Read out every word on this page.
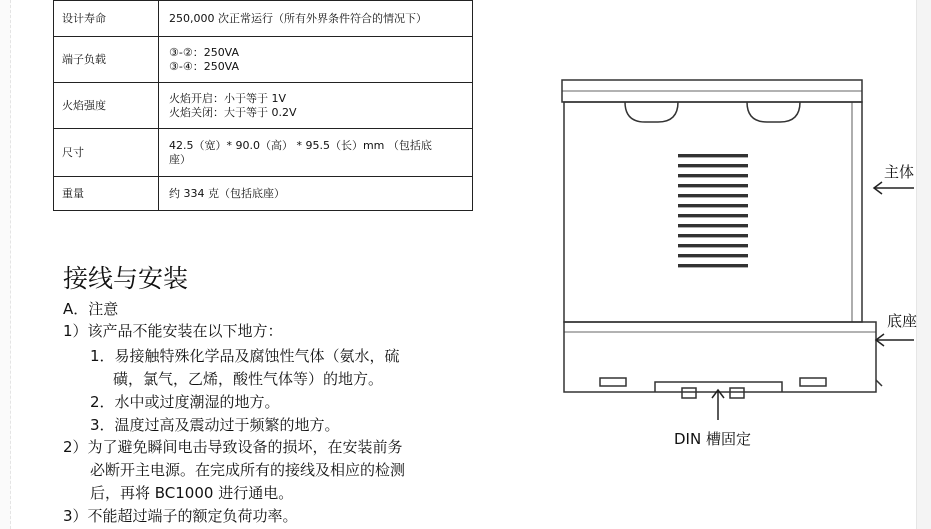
设计寿命	250,000 次正常运行（所有外界条件符合的情况下）

端子负载	③-②：250VA
③-④：250VA

火焰强度	火焰开启：小于等于 1V
火焰关闭：大于等于 0.2V

尺寸	42.5（宽）* 90.0（高） * 95.5（长）mm （包括底
座）

重量	约 334 克（包括底座）
接线与安装
A．注意
1）该产品不能安装在以下地方：
1．易接触特殊化学品及腐蚀性气体（氨水，硫
磺，氯气，乙烯，酸性气体等）的地方。
2．水中或过度潮湿的地方。
3．温度过高及震动过于频繁的地方。
2）为了避免瞬间电击导致设备的损坏，在安装前务
必断开主电源。在完成所有的接线及相应的检测
后，再将 BC1000 进行通电。
3）不能超过端子的额定负荷功率。
主体
底座
DIN 槽固定
